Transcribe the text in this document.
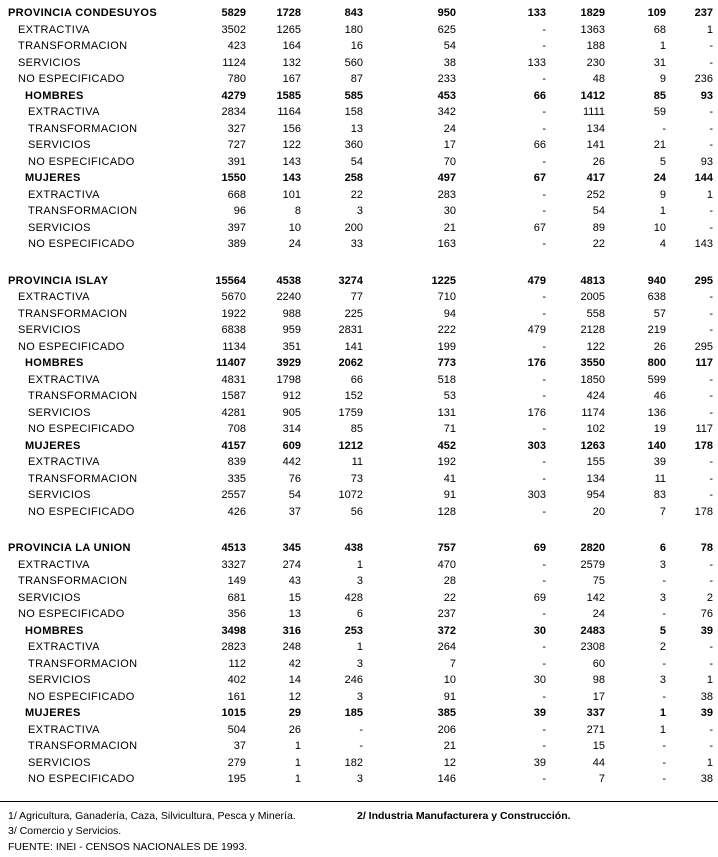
PROVINCIA CONDESUYOS	5829	1728	843	950	133	1829	109	237
EXTRACTIVA	3502	1265	180	625	-	1363	68	1
TRANSFORMACION	423	164	16	54	-	188	1	-
SERVICIOS	1124	132	560	38	133	230	31	-
NO ESPECIFICADO	780	167	87	233	-	48	9	236
HOMBRES	4279	1585	585	453	66	1412	85	93
EXTRACTIVA	2834	1164	158	342	-	1111	59	-
TRANSFORMACION	327	156	13	24	-	134	-	-
SERVICIOS	727	122	360	17	66	141	21	-
NO ESPECIFICADO	391	143	54	70	-	26	5	93
MUJERES	1550	143	258	497	67	417	24	144
EXTRACTIVA	668	101	22	283	-	252	9	1
TRANSFORMACION	96	8	3	30	-	54	1	-
SERVICIOS	397	10	200	21	67	89	10	-
NO ESPECIFICADO	389	24	33	163	-	22	4	143
PROVINCIA ISLAY	15564	4538	3274	1225	479	4813	940	295
EXTRACTIVA	5670	2240	77	710	-	2005	638	-
TRANSFORMACION	1922	988	225	94	-	558	57	-
SERVICIOS	6838	959	2831	222	479	2128	219	-
NO ESPECIFICADO	1134	351	141	199	-	122	26	295
HOMBRES	11407	3929	2062	773	176	3550	800	117
EXTRACTIVA	4831	1798	66	518	-	1850	599	-
TRANSFORMACION	1587	912	152	53	-	424	46	-
SERVICIOS	4281	905	1759	131	176	1174	136	-
NO ESPECIFICADO	708	314	85	71	-	102	19	117
MUJERES	4157	609	1212	452	303	1263	140	178
EXTRACTIVA	839	442	11	192	-	155	39	-
TRANSFORMACION	335	76	73	41	-	134	11	-
SERVICIOS	2557	54	1072	91	303	954	83	-
NO ESPECIFICADO	426	37	56	128	-	20	7	178
PROVINCIA LA UNION	4513	345	438	757	69	2820	6	78
EXTRACTIVA	3327	274	1	470	-	2579	3	-
TRANSFORMACION	149	43	3	28	-	75	-	-
SERVICIOS	681	15	428	22	69	142	3	2
NO ESPECIFICADO	356	13	6	237	-	24	-	76
HOMBRES	3498	316	253	372	30	2483	5	39
EXTRACTIVA	2823	248	1	264	-	2308	2	-
TRANSFORMACION	112	42	3	7	-	60	-	-
SERVICIOS	402	14	246	10	30	98	3	1
NO ESPECIFICADO	161	12	3	91	-	17	-	38
MUJERES	1015	29	185	385	39	337	1	39
EXTRACTIVA	504	26	-	206	-	271	1	-
TRANSFORMACION	37	1	-	21	-	15	-	-
SERVICIOS	279	1	182	12	39	44	-	1
NO ESPECIFICADO	195	1	3	146	-	7	-	38
1/ Agricultura, Ganadería, Caza, Silvicultura, Pesca y Minería.	2/ Industria Manufacturera y Construcción.
3/ Comercio y Servicios.
FUENTE: INEI - CENSOS NACIONALES DE 1993.
